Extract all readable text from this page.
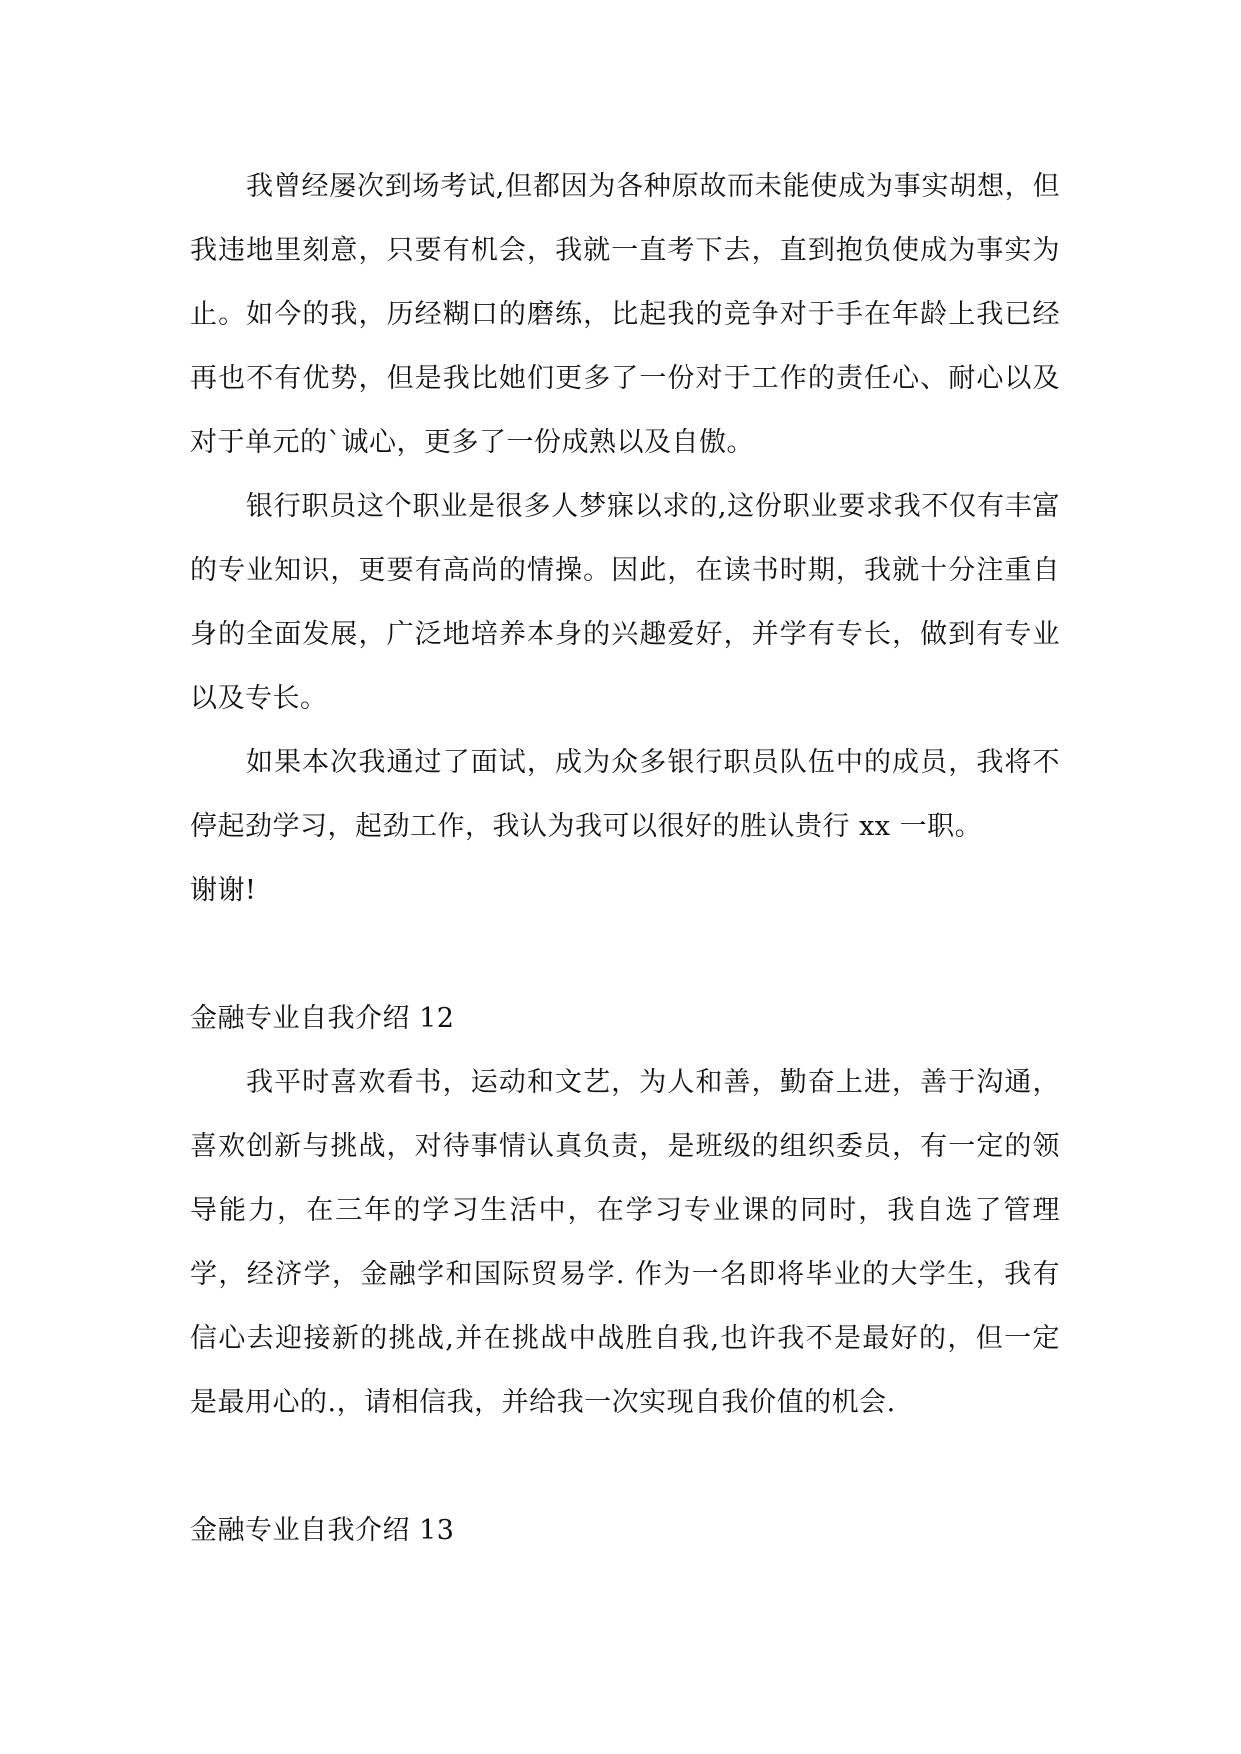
我曾经屡次到场考试,但都因为各种原故而未能使成为事实胡想，但我违地里刻意，只要有机会，我就一直考下去，直到抱负使成为事实为止。如今的我，历经糊口的磨练，比起我的竞争对于手在年龄上我已经再也不有优势，但是我比她们更多了一份对于工作的责任心、耐心以及对于单元的`诚心，更多了一份成熟以及自傲。

银行职员这个职业是很多人梦寐以求的,这份职业要求我不仅有丰富的专业知识，更要有高尚的情操。因此，在读书时期，我就十分注重自身的全面发展，广泛地培养本身的兴趣爱好，并学有专长，做到有专业以及专长。

如果本次我通过了面试，成为众多银行职员队伍中的成员，我将不停起劲学习，起劲工作，我认为我可以很好的胜认贵行 xx 一职。

谢谢!

金融专业自我介绍 12

我平时喜欢看书，运动和文艺，为人和善，勤奋上进，善于沟通，喜欢创新与挑战，对待事情认真负责，是班级的组织委员，有一定的领导能力，在三年的学习生活中，在学习专业课的同时，我自选了管理学，经济学，金融学和国际贸易学. 作为一名即将毕业的大学生，我有信心去迎接新的挑战,并在挑战中战胜自我,也许我不是最好的，但一定是最用心的.，请相信我，并给我一次实现自我价值的机会.

金融专业自我介绍 13
